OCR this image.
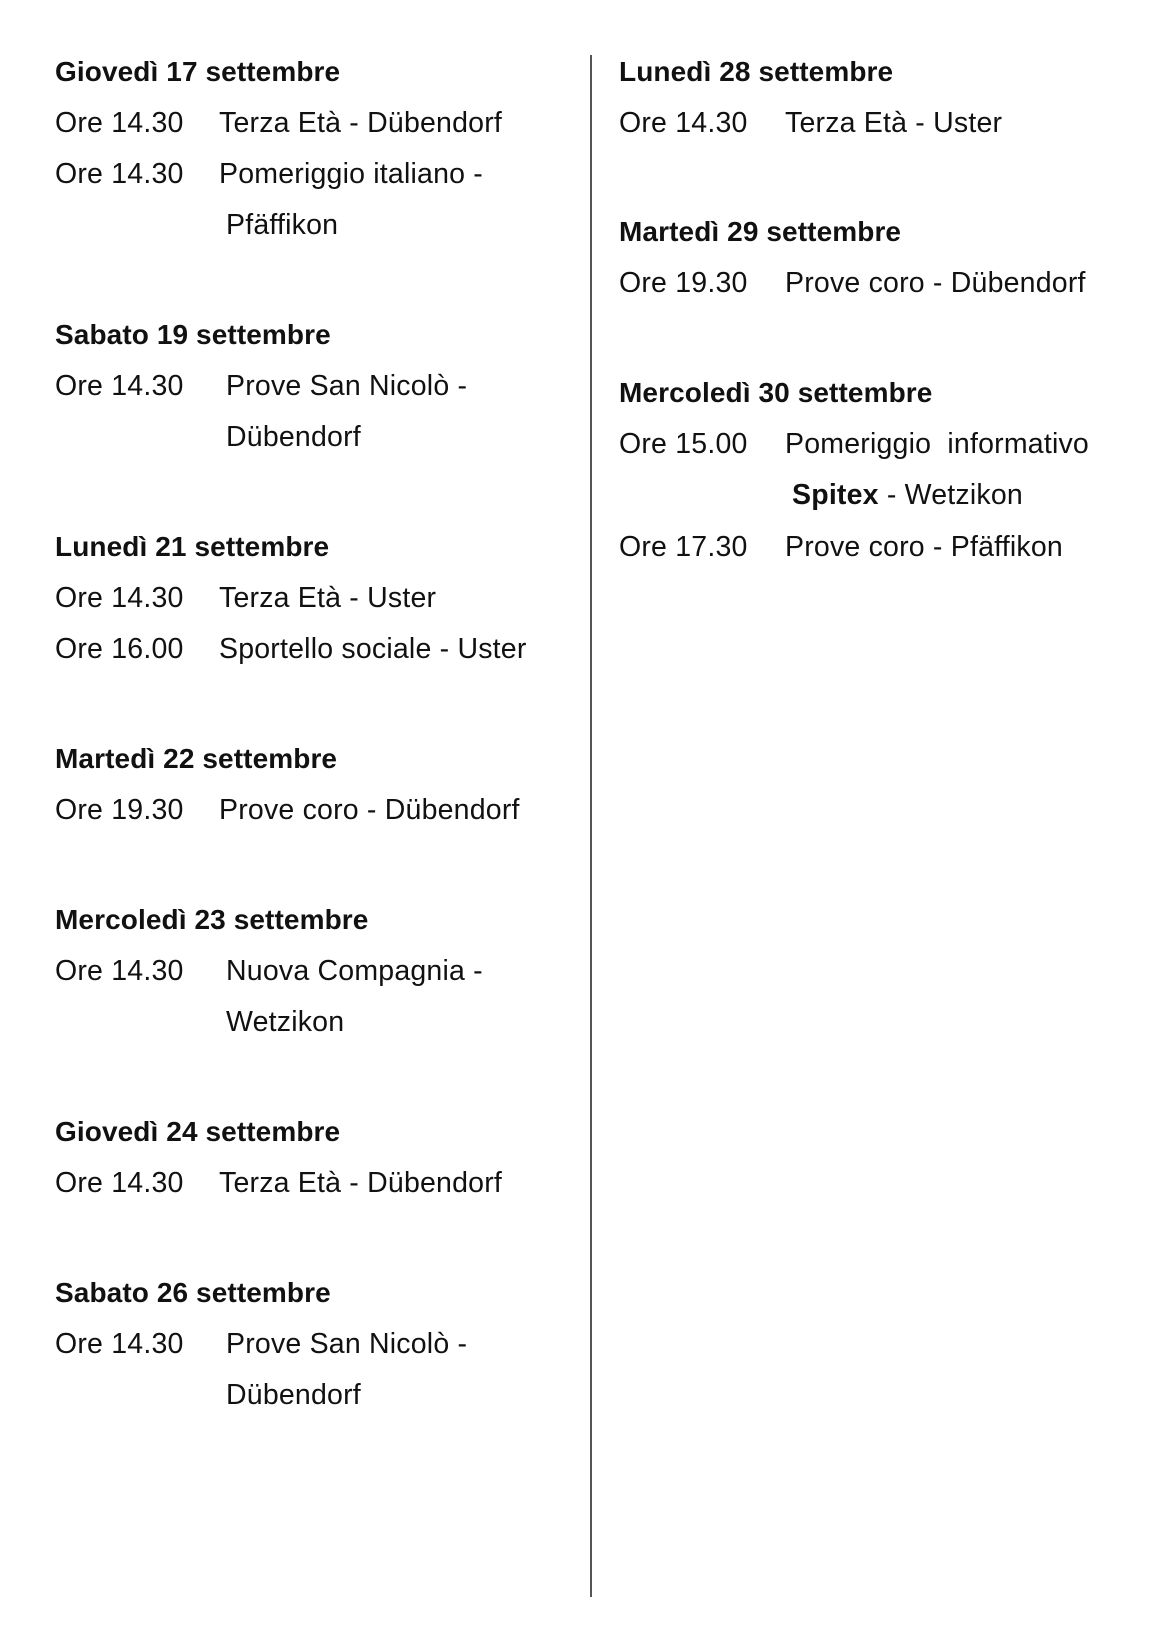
Giovedì 17 settembre
Ore 14.30 Terza Età - Dübendorf
Ore 14.30 Pomeriggio italiano -
Pfäffikon
Sabato 19 settembre
Ore 14.30 Prove San Nicolò -
Dübendorf
Lunedì 21 settembre
Ore 14.30 Terza Età - Uster
Ore 16.00 Sportello sociale - Uster
Martedì 22 settembre
Ore 19.30 Prove coro - Dübendorf
Mercoledì 23 settembre
Ore 14.30 Nuova Compagnia -
Wetzikon
Giovedì 24 settembre
Ore 14.30 Terza Età - Dübendorf
Sabato 26 settembre
Ore 14.30 Prove San Nicolò -
Dübendorf
Lunedì 28 settembre
Ore 14.30 Terza Età - Uster
Martedì 29 settembre
Ore 19.30 Prove coro - Dübendorf
Mercoledì 30 settembre
Ore 15.00 Pomeriggio  informativo
Spitex - Wetzikon
Ore 17.30 Prove coro - Pfäffikon
